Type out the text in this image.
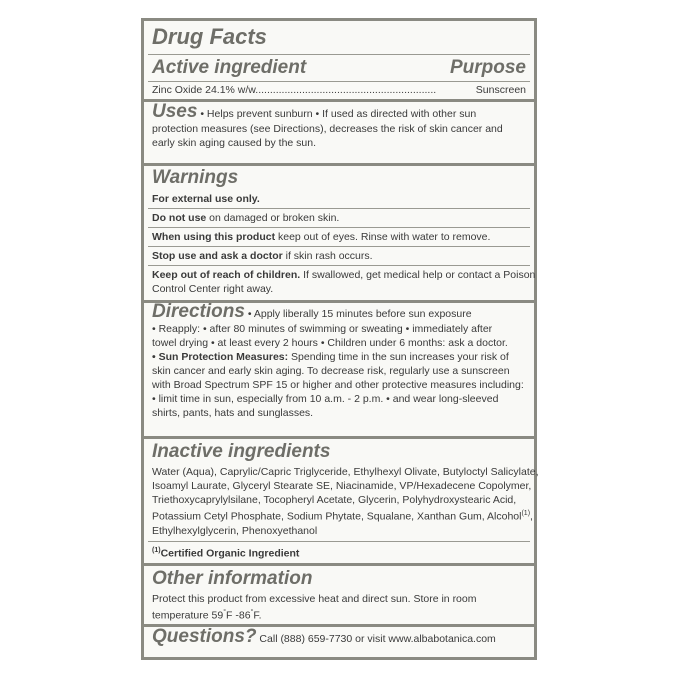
Drug Facts
Active ingredient	Purpose
Zinc Oxide 24.1% w/w..............................................................	Sunscreen
Uses • Helps prevent sunburn • If used as directed with other sun
protection measures (see Directions), decreases the risk of skin cancer and
early skin aging caused by the sun.
Warnings
For external use only.
Do not use on damaged or broken skin.
When using this product keep out of eyes. Rinse with water to remove.
Stop use and ask a doctor if skin rash occurs.
Keep out of reach of children. If swallowed, get medical help or contact a Poison
Control Center right away.
Directions • Apply liberally 15 minutes before sun exposure
• Reapply: • after 80 minutes of swimming or sweating • immediately after
towel drying • at least every 2 hours • Children under 6 months: ask a doctor.
• Sun Protection Measures: Spending time in the sun increases your risk of
skin cancer and early skin aging. To decrease risk, regularly use a sunscreen
with Broad Spectrum SPF 15 or higher and other protective measures including:
• limit time in sun, especially from 10 a.m. - 2 p.m. • and wear long-sleeved
shirts, pants, hats and sunglasses.
Inactive ingredients
Water (Aqua), Caprylic/Capric Triglyceride, Ethylhexyl Olivate, Butyloctyl Salicylate,
Isoamyl Laurate, Glyceryl Stearate SE, Niacinamide, VP/Hexadecene Copolymer,
Triethoxycaprylylsilane, Tocopheryl Acetate, Glycerin, Polyhydroxystearic Acid,
Potassium Cetyl Phosphate, Sodium Phytate, Squalane, Xanthan Gum, Alcohol$^{(1)}$,
Ethylhexylglycerin, Phenoxyethanol
$^{(1)}$Certified Organic Ingredient
Other information
Protect this product from excessive heat and direct sun. Store in room
temperature 59°F -86°F.
Questions? Call (888) 659-7730 or visit www.albabotanica.com
